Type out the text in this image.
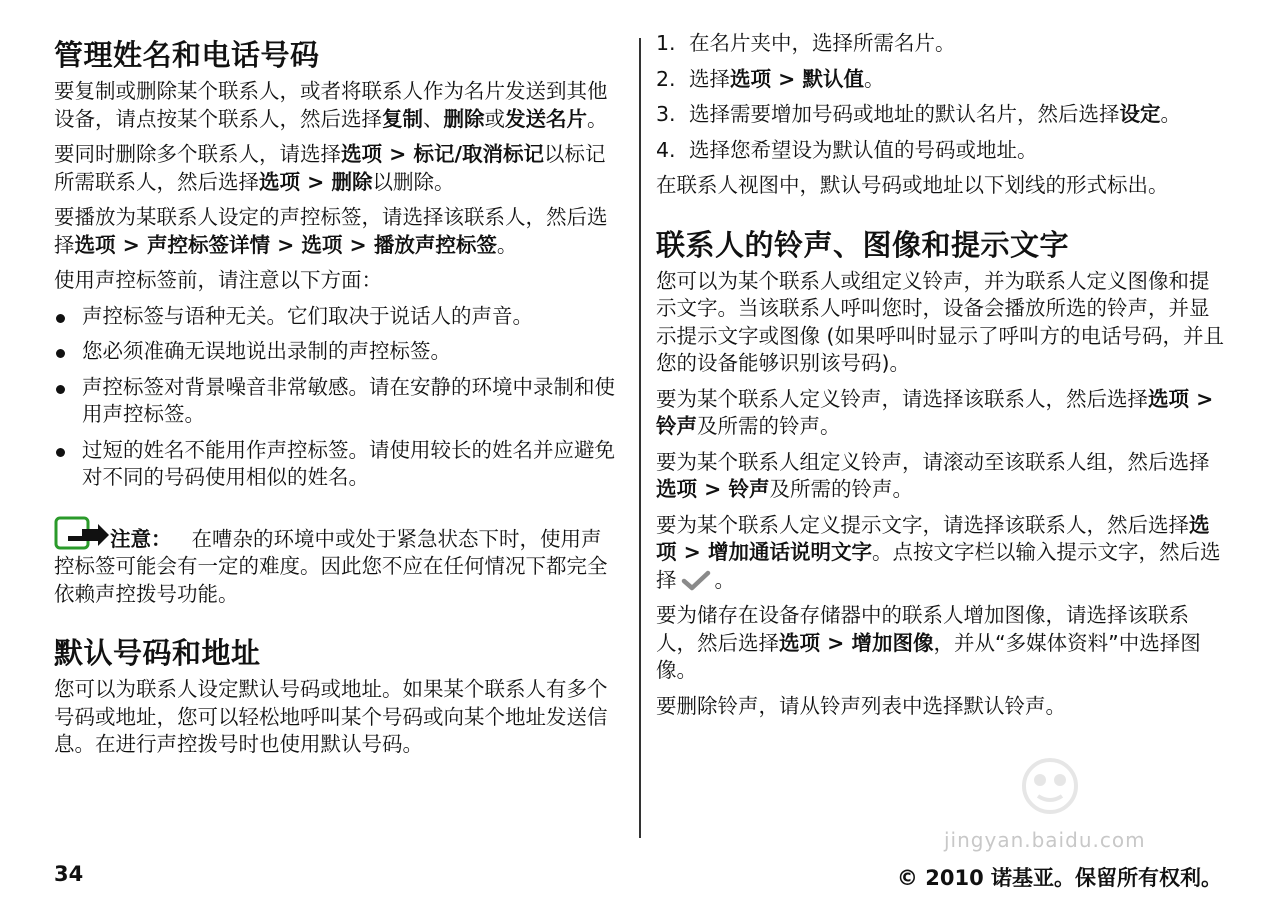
管理姓名和电话号码

要复制或删除某个联系人，或者将联系人作为名片发送到其他设备，请点按某个联系人，然后选择复制、删除或发送名片。

要同时删除多个联系人，请选择选项 > 标记/取消标记以标记所需联系人，然后选择选项 > 删除以删除。

要播放为某联系人设定的声控标签，请选择该联系人，然后选择选项 > 声控标签详情 > 选项 > 播放声控标签。

使用声控标签前，请注意以下方面：

声控标签与语种无关。它们取决于说话人的声音。
您必须准确无误地说出录制的声控标签。
声控标签对背景噪音非常敏感。请在安静的环境中录制和使用声控标签。
过短的姓名不能用作声控标签。请使用较长的姓名并应避免对不同的号码使用相似的姓名。
注意： 在嘈杂的环境中或处于紧急状态下时，使用声控标签可能会有一定的难度。因此您不应在任何情况下都完全依赖声控拨号功能。
默认号码和地址

您可以为联系人设定默认号码或地址。如果某个联系人有多个号码或地址，您可以轻松地呼叫某个号码或向某个地址发送信息。在进行声控拨号时也使用默认号码。

1. 在名片夹中，选择所需名片。
2. 选择选项 > 默认值。
3. 选择需要增加号码或地址的默认名片，然后选择设定。
4. 选择您希望设为默认值的号码或地址。

在联系人视图中，默认号码或地址以下划线的形式标出。

联系人的铃声、图像和提示文字

您可以为某个联系人或组定义铃声，并为联系人定义图像和提示文字。当该联系人呼叫您时，设备会播放所选的铃声，并显示提示文字或图像 (如果呼叫时显示了呼叫方的电话号码，并且您的设备能够识别该号码)。

要为某个联系人定义铃声，请选择该联系人，然后选择选项 > 铃声及所需的铃声。

要为某个联系人组定义铃声，请滚动至该联系人组，然后选择选项 > 铃声及所需的铃声。

要为某个联系人定义提示文字，请选择该联系人，然后选择选项 > 增加通话说明文字。点按文字栏以输入提示文字，然后选择 。

要为储存在设备存储器中的联系人增加图像，请选择该联系人，然后选择选项 > 增加图像，并从“多媒体资料”中选择图像。

要删除铃声，请从铃声列表中选择默认铃声。

34	© 2010 诺基亚。保留所有权利。
jingyan.baidu.com
